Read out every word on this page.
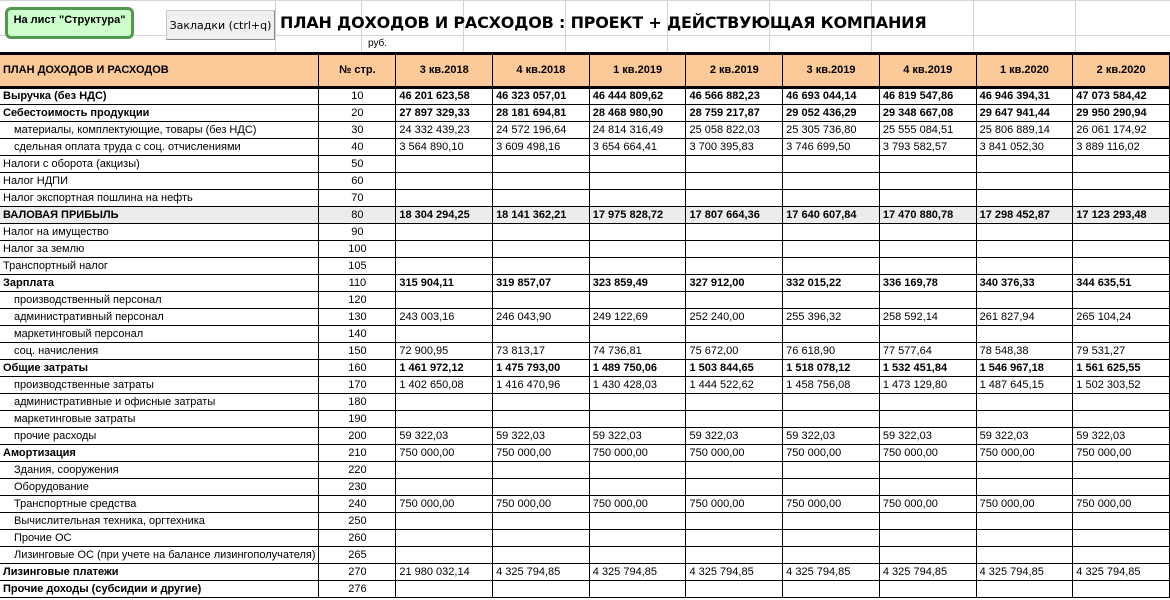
На лист "Структура"	Закладки (ctrl+q) ПЛАН ДОХОДОВ И РАСХОДОВ : ПРОЕКТ + ДЕЙСТВУЮЩАЯ КОМПАНИЯ
руб.
ПЛАН ДОХОДОВ И РАСХОДОВ	№ стр.	3 кв.2018	4 кв.2018	1 кв.2019	2 кв.2019	3 кв.2019	4 кв.2019	1 кв.2020	2 кв.2020
Выручка (без НДС)	10	46 201 623,58	46 323 057,01	46 444 809,62	46 566 882,23	46 693 044,14	46 819 547,86	46 946 394,31	47 073 584,42
Себестоимость продукции	20	27 897 329,33	28 181 694,81	28 468 980,90	28 759 217,87	29 052 436,29	29 348 667,08	29 647 941,44	29 950 290,94
материалы, комплектующие, товары (без НДС)	30	24 332 439,23	24 572 196,64	24 814 316,49	25 058 822,03	25 305 736,80	25 555 084,51	25 806 889,14	26 061 174,92
сдельная оплата труда с соц. отчислениями	40	3 564 890,10	3 609 498,16	3 654 664,41	3 700 395,83	3 746 699,50	3 793 582,57	3 841 052,30	3 889 116,02
Налоги с оборота (акцизы)	50								
Налог НДПИ	60								
Налог экспортная пошлина на нефть	70								
ВАЛОВАЯ ПРИБЫЛЬ	80	18 304 294,25	18 141 362,21	17 975 828,72	17 807 664,36	17 640 607,84	17 470 880,78	17 298 452,87	17 123 293,48
Налог на имущество	90								
Налог за землю	100								
Транспортный налог	105								
Зарплата	110	315 904,11	319 857,07	323 859,49	327 912,00	332 015,22	336 169,78	340 376,33	344 635,51
производственный персонал	120								
административный персонал	130	243 003,16	246 043,90	249 122,69	252 240,00	255 396,32	258 592,14	261 827,94	265 104,24
маркетинговый персонал	140								
соц. начисления	150	72 900,95	73 813,17	74 736,81	75 672,00	76 618,90	77 577,64	78 548,38	79 531,27
Общие затраты	160	1 461 972,12	1 475 793,00	1 489 750,06	1 503 844,65	1 518 078,12	1 532 451,84	1 546 967,18	1 561 625,55
производственные затраты	170	1 402 650,08	1 416 470,96	1 430 428,03	1 444 522,62	1 458 756,08	1 473 129,80	1 487 645,15	1 502 303,52
административные и офисные затраты	180								
маркетинговые затраты	190								
прочие расходы	200	59 322,03	59 322,03	59 322,03	59 322,03	59 322,03	59 322,03	59 322,03	59 322,03
Амортизация	210	750 000,00	750 000,00	750 000,00	750 000,00	750 000,00	750 000,00	750 000,00	750 000,00
Здания, сооружения	220								
Оборудование	230								
Транспортные средства	240	750 000,00	750 000,00	750 000,00	750 000,00	750 000,00	750 000,00	750 000,00	750 000,00
Вычислительная техника, оргтехника	250								
Прочие ОС	260								
Лизинговые ОС (при учете на балансе лизингополучателя)	265								
Лизинговые платежи	270	21 980 032,14	4 325 794,85	4 325 794,85	4 325 794,85	4 325 794,85	4 325 794,85	4 325 794,85	4 325 794,85
Прочие доходы (субсидии и другие)	276								
